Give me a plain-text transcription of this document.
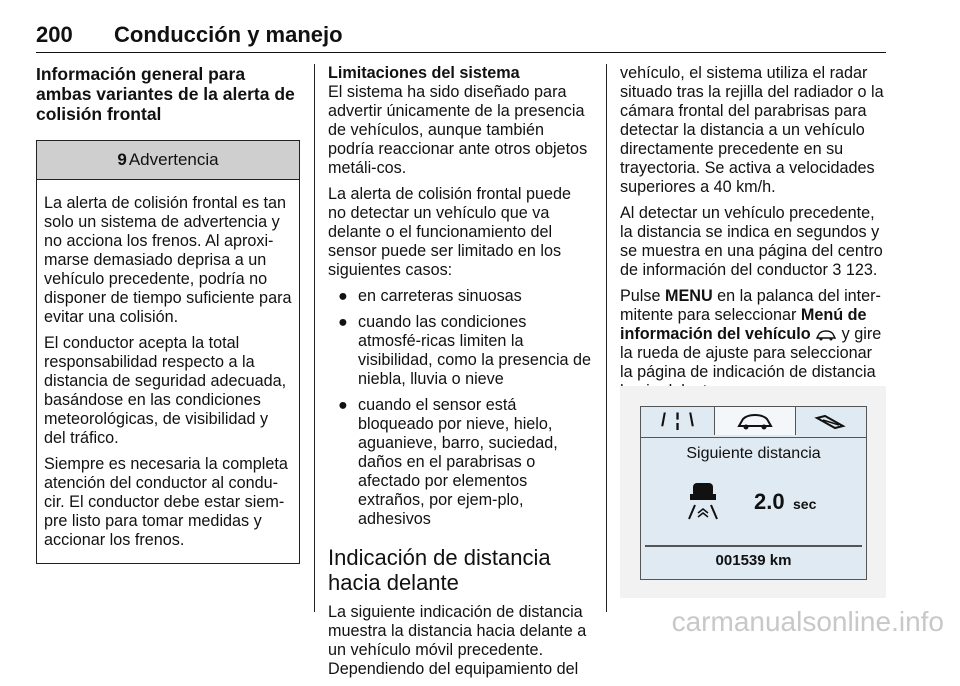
200 Conducción y manejo
Información general para ambas variantes de la alerta de colisión frontal
9 Advertencia

La alerta de colisión frontal es tan solo un sistema de advertencia y no acciona los frenos. Al aproxi-marse demasiado deprisa a un vehículo precedente, podría no disponer de tiempo suficiente para evitar una colisión.

El conductor acepta la total responsabilidad respecto a la distancia de seguridad adecuada, basándose en las condiciones meteorológicas, de visibilidad y del tráfico.

Siempre es necesaria la completa atención del conductor al condu-cir. El conductor debe estar siem-pre listo para tomar medidas y accionar los frenos.

Limitaciones del sistema

El sistema ha sido diseñado para advertir únicamente de la presencia de vehículos, aunque también podría reaccionar ante otros objetos metáli-cos.

La alerta de colisión frontal puede no detectar un vehículo que va delante o el funcionamiento del sensor puede ser limitado en los siguientes casos:

● en carreteras sinuosas
● cuando las condiciones atmosfé-ricas limiten la visibilidad, como la presencia de niebla, lluvia o nieve
● cuando el sensor está bloqueado por nieve, hielo, aguanieve, barro, suciedad, daños en el parabrisas o afectado por elementos extraños, por ejem-plo, adhesivos
Indicación de distancia hacia delante

La siguiente indicación de distancia muestra la distancia hacia delante a un vehículo móvil precedente. Dependiendo del equipamiento del

vehículo, el sistema utiliza el radar situado tras la rejilla del radiador o la cámara frontal del parabrisas para detectar la distancia a un vehículo directamente precedente en su trayectoria. Se activa a velocidades superiores a 40 km/h.

Al detectar un vehículo precedente, la distancia se indica en segundos y se muestra en una página del centro de información del conductor 3 123.

Pulse MENU en la palanca del inter-mitente para seleccionar Menú de información del vehículo  y gire la rueda de ajuste para seleccionar la página de indicación de distancia

/ ¦ \
Siguiente distancia
2.0 sec
001539 km
carmanualsonline.info
